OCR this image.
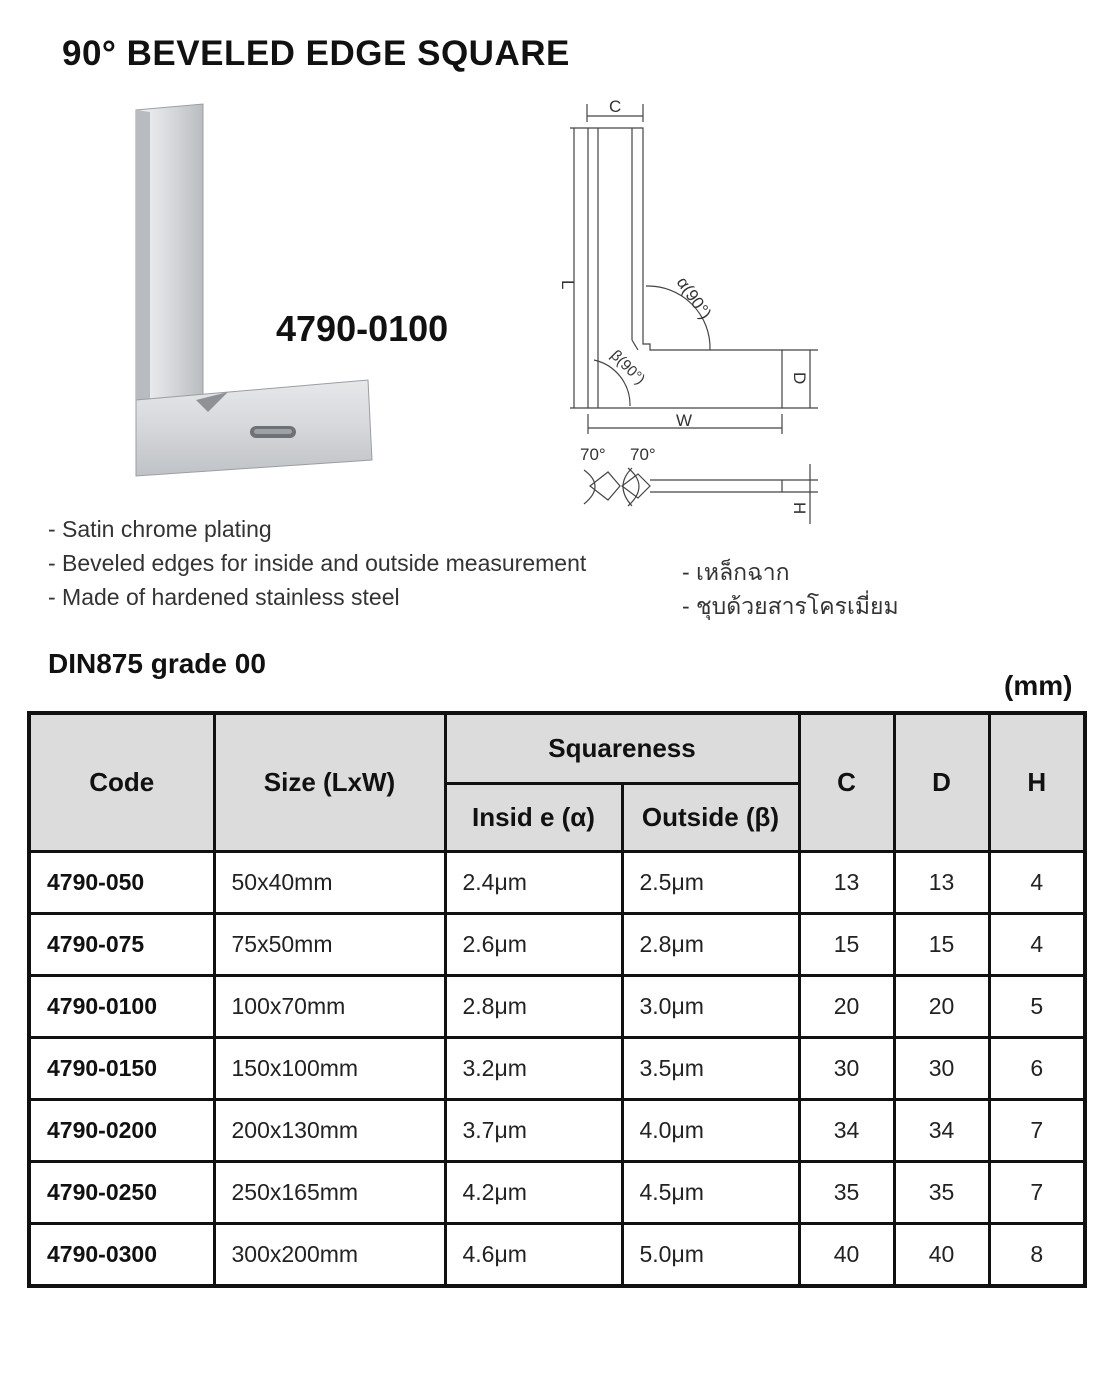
90° BEVELED EDGE SQUARE
4790-0100
C
L
W
D
H
α(90°)
β(90°)
70° 70°
- Satin chrome plating
- Beveled edges for inside and outside measurement
- Made of hardened stainless steel
- เหล็กฉาก
- ชุบด้วยสารโครเมี่ยม
DIN875 grade 00
(mm)
Code	Size (LxW)	Squareness		C	D	H
		Insid e (α)	Outside (β)			
4790-050	50x40mm	2.4μm	2.5μm	13	13	4
4790-075	75x50mm	2.6μm	2.8μm	15	15	4
4790-0100	100x70mm	2.8μm	3.0μm	20	20	5
4790-0150	150x100mm	3.2μm	3.5μm	30	30	6
4790-0200	200x130mm	3.7μm	4.0μm	34	34	7
4790-0250	250x165mm	4.2μm	4.5μm	35	35	7
4790-0300	300x200mm	4.6μm	5.0μm	40	40	8
